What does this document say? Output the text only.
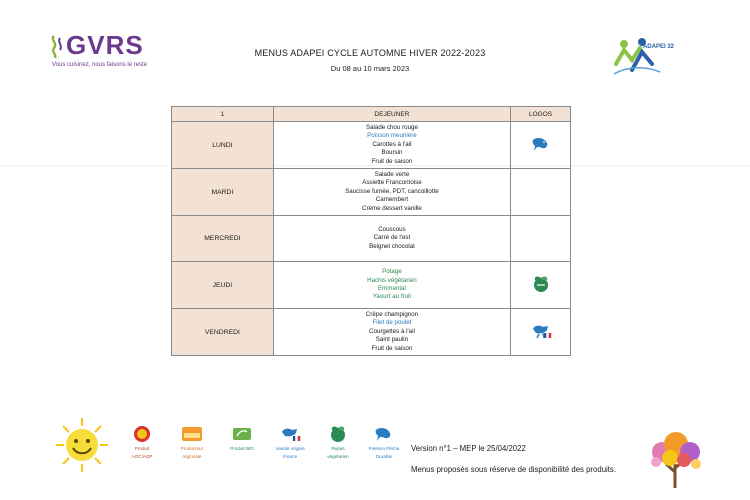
GVRS
Vous cuisinez, nous faisons le reste
MENUS ADAPEI CYCLE AUTOMNE HIVER 2022-2023
Du 08 au 10 mars 2023
ADAPEI 32
1	DEJEUNER	LOGOS
LUNDI	Salade chou rouge
Poisson meunière
Carottes à l'ail
Boursin
Fruit de saison

MARDI	Salade verte
Assiette Francontoise
Saucisse fumée, PDT, cancoillotte
Camembert
Crème dessert vanille	

MERCREDI	Couscous
Carré de l'est
Beignet chocolat	

JEUDI	Potage
Hachis végétarien
Emmental
Yaourt au fruit

VENDREDI	Crêpe champignon
Filet de poulet
Courgettes à l'ail
Saint paulin
Fruit de saison

Produit
AOC/AOP
Producteur
régionale
Produit BIO	Viande origine
France
Repas
végétarien
Poisson Pêche
Durable
Version n°1 – MEP le 25/04/2022
Menus proposés sous réserve de disponibilité des produits.
